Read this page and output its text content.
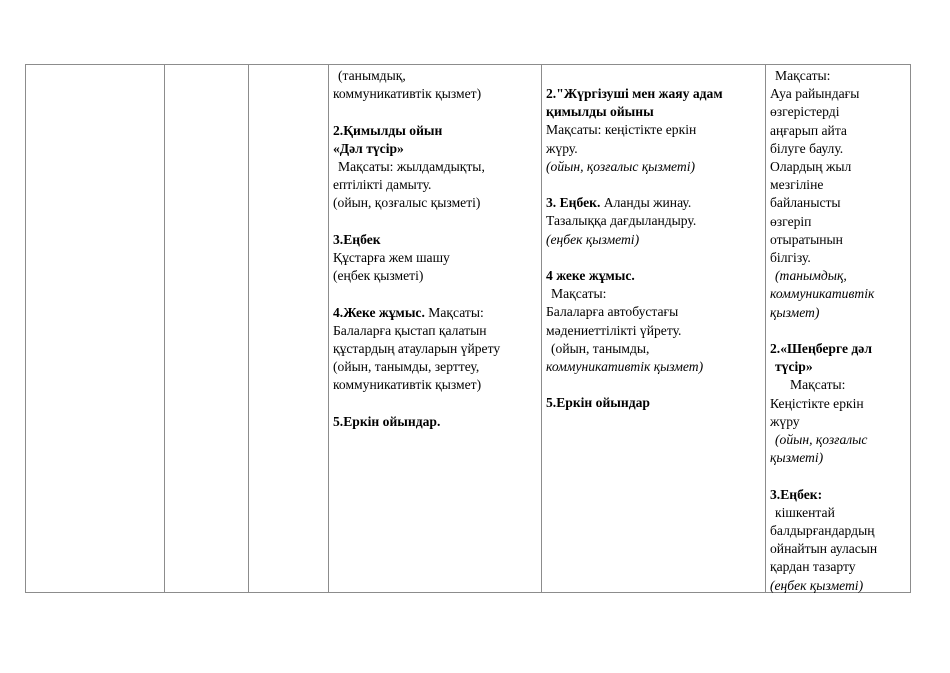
(танымдық,

коммуникативтік қызмет)

2.Қимылды ойын

«Дәл түсір»

Мақсаты: жылдамдықты,

ептілікті дамыту.

(ойын, қозғалыс қызметі)

3.Еңбек

Құстарға жем шашу

(еңбек қызметі)

4.Жеке жұмыс. Мақсаты:

Балаларға қыстап қалатын

құстардың атауларын үйрету

(ойын, танымды, зерттеу,

коммуникативтік қызмет)

5.Еркін ойындар.

2."Жүргізуші мен жаяу адам

қимылды ойыны

Мақсаты: кеңістікте еркін

жүру.

(ойын, қозғалыс қызметі)

3. Еңбек. Аланды жинау.

Тазалыққа дағдыландыру.

(еңбек қызметі)

4 жеке жұмыс.

Мақсаты:

Балаларға автобустағы

мәдениеттілікті үйрету.

(ойын, танымды,

коммуникативтік қызмет)

5.Еркін ойындар

Мақсаты:

Ауа райындағы

өзгерістерді

аңғарып айта

білуге баулу.

Олардың жыл

мезгіліне

байланысты

өзгеріп

отыратынын

білгізу.

(танымдық,

коммуникативтік

қызмет)

2.«Шеңберге дәл

түсір»

Мақсаты:

Кеңістікте еркін

жүру

(ойын, қозғалыс

қызметі)

3.Еңбек:

кішкентай

балдырғандардың

ойнайтын ауласын

қардан тазарту

(еңбек қызметі)
